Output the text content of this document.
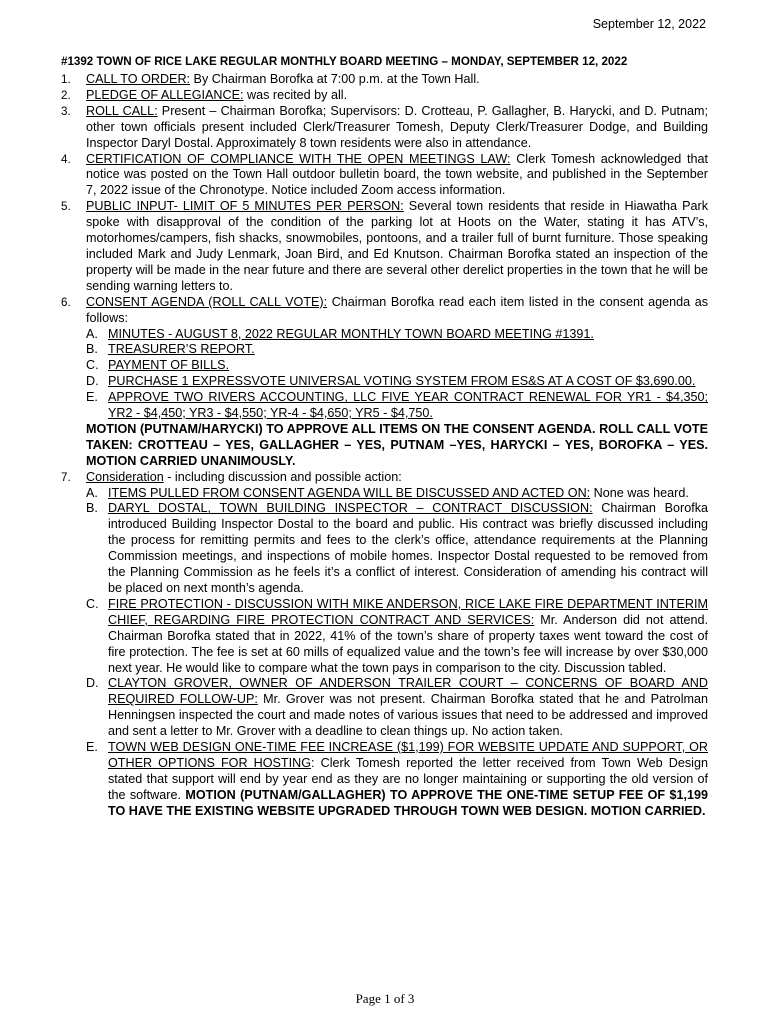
September 12, 2022
#1392 TOWN OF RICE LAKE REGULAR MONTHLY BOARD MEETING – MONDAY, SEPTEMBER 12, 2022
1. CALL TO ORDER: By Chairman Borofka at 7:00 p.m. at the Town Hall.
2. PLEDGE OF ALLEGIANCE: was recited by all.
3. ROLL CALL: Present – Chairman Borofka; Supervisors: D. Crotteau, P. Gallagher, B. Harycki, and D. Putnam; other town officials present included Clerk/Treasurer Tomesh, Deputy Clerk/Treasurer Dodge, and Building Inspector Daryl Dostal. Approximately 8 town residents were also in attendance.
4. CERTIFICATION OF COMPLIANCE WITH THE OPEN MEETINGS LAW: Clerk Tomesh acknowledged that notice was posted on the Town Hall outdoor bulletin board, the town website, and published in the September 7, 2022 issue of the Chronotype. Notice included Zoom access information.
5. PUBLIC INPUT- LIMIT OF 5 MINUTES PER PERSON: Several town residents that reside in Hiawatha Park spoke with disapproval of the condition of the parking lot at Hoots on the Water, stating it has ATV’s, motorhomes/campers, fish shacks, snowmobiles, pontoons, and a trailer full of burnt furniture. Those speaking included Mark and Judy Lenmark, Joan Bird, and Ed Knutson. Chairman Borofka stated an inspection of the property will be made in the near future and there are several other derelict properties in the town that he will be sending warning letters to.
6. CONSENT AGENDA (ROLL CALL VOTE): Chairman Borofka read each item listed in the consent agenda as follows:
A. MINUTES - AUGUST 8, 2022 REGULAR MONTHLY TOWN BOARD MEETING #1391.
B. TREASURER’S REPORT.
C. PAYMENT OF BILLS.
D. PURCHASE 1 EXPRESSVOTE UNIVERSAL VOTING SYSTEM FROM ES&S AT A COST OF $3,690.00.
E. APPROVE TWO RIVERS ACCOUNTING, LLC FIVE YEAR CONTRACT RENEWAL FOR YR1 - $4,350; YR2 - $4,450; YR3 - $4,550; YR-4 - $4,650; YR5 - $4,750.
MOTION (PUTNAM/HARYCKI) TO APPROVE ALL ITEMS ON THE CONSENT AGENDA. ROLL CALL VOTE TAKEN: CROTTEAU – YES, GALLAGHER – YES, PUTNAM –YES, HARYCKI – YES, BOROFKA – YES. MOTION CARRIED UNANIMOUSLY.
7. Consideration - including discussion and possible action:
A. ITEMS PULLED FROM CONSENT AGENDA WILL BE DISCUSSED AND ACTED ON: None was heard.
B. DARYL DOSTAL, TOWN BUILDING INSPECTOR – CONTRACT DISCUSSION: Chairman Borofka introduced Building Inspector Dostal to the board and public. His contract was briefly discussed including the process for remitting permits and fees to the clerk’s office, attendance requirements at the Planning Commission meetings, and inspections of mobile homes. Inspector Dostal requested to be removed from the Planning Commission as he feels it’s a conflict of interest. Consideration of amending his contract will be placed on next month’s agenda.
C. FIRE PROTECTION - DISCUSSION WITH MIKE ANDERSON, RICE LAKE FIRE DEPARTMENT INTERIM CHIEF, REGARDING FIRE PROTECTION CONTRACT AND SERVICES: Mr. Anderson did not attend. Chairman Borofka stated that in 2022, 41% of the town’s share of property taxes went toward the cost of fire protection. The fee is set at 60 mills of equalized value and the town’s fee will increase by over $30,000 next year. He would like to compare what the town pays in comparison to the city. Discussion tabled.
D. CLAYTON GROVER, OWNER OF ANDERSON TRAILER COURT – CONCERNS OF BOARD AND REQUIRED FOLLOW-UP: Mr. Grover was not present. Chairman Borofka stated that he and Patrolman Henningsen inspected the court and made notes of various issues that need to be addressed and improved and sent a letter to Mr. Grover with a deadline to clean things up. No action taken.
E. TOWN WEB DESIGN ONE-TIME FEE INCREASE ($1,199) FOR WEBSITE UPDATE AND SUPPORT, OR OTHER OPTIONS FOR HOSTING: Clerk Tomesh reported the letter received from Town Web Design stated that support will end by year end as they are no longer maintaining or supporting the old version of the software. MOTION (PUTNAM/GALLAGHER) TO APPROVE THE ONE-TIME SETUP FEE OF $1,199 TO HAVE THE EXISTING WEBSITE UPGRADED THROUGH TOWN WEB DESIGN. MOTION CARRIED.
Page 1 of 3
